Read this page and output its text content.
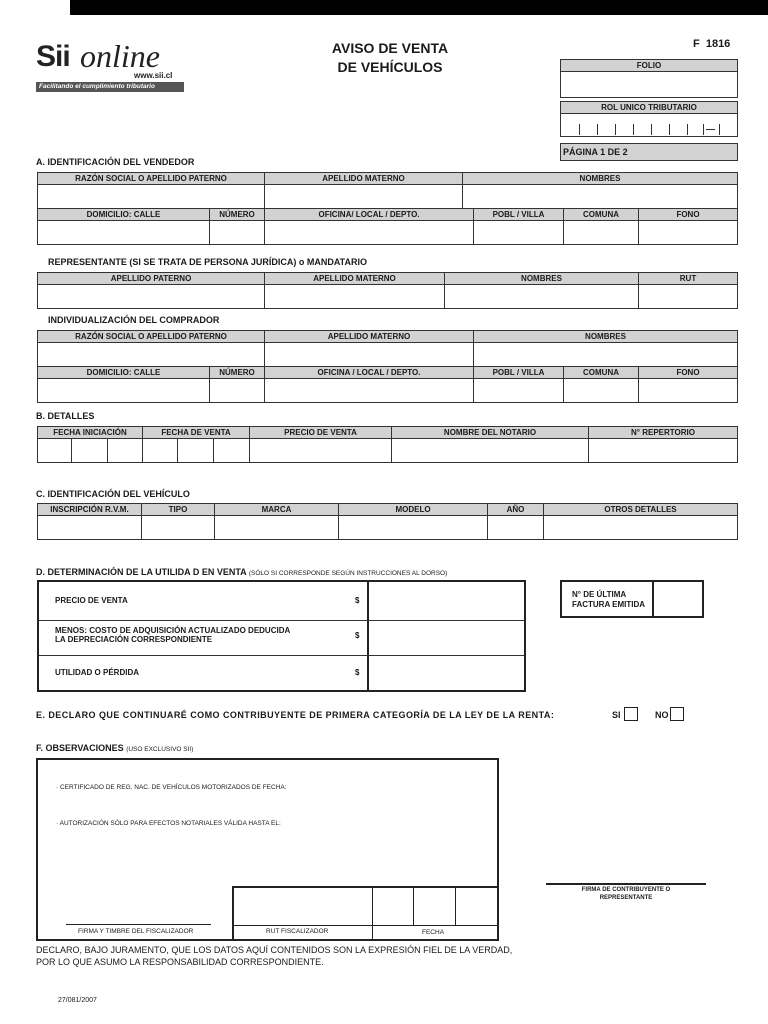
Sii online
www.sii.cl
Facilitando el cumplimiento tributario
AVISO DE VENTA
DE VEHÍCULOS
F  1816
FOLIO
ROL UNICO TRIBUTARIO
PÁGINA 1 DE 2
A. IDENTIFICACIÓN DEL VENDEDOR
RAZÓN SOCIAL O APELLIDO PATERNO	APELLIDO MATERNO	NOMBRES
DOMICILIO: CALLE	NÚMERO	OFICINA/ LOCAL / DEPTO.	POBL / VILLA	COMUNA	FONO
REPRESENTANTE (SI SE TRATA DE PERSONA JURÍDICA) o MANDATARIO
APELLIDO PATERNO	APELLIDO MATERNO	NOMBRES	RUT
INDIVIDUALIZACIÓN DEL COMPRADOR
RAZÓN SOCIAL O APELLIDO PATERNO	APELLIDO MATERNO	NOMBRES
DOMICILIO: CALLE	NÚMERO	OFICINA / LOCAL / DEPTO.	POBL / VILLA	COMUNA	FONO
B. DETALLES
FECHA INICIACIÓN	FECHA DE VENTA	PRECIO DE VENTA	NOMBRE DEL NOTARIO	N° REPERTORIO
C. IDENTIFICACIÓN DEL VEHÍCULO
INSCRIPCIÓN R.V.M.	TIPO	MARCA	MODELO	AÑO	OTROS DETALLES
D. DETERMINACIÓN DE LA UTILIDA D EN VENTA (SÓLO SI CORRESPONDE SEGÚN INSTRUCCIONES AL DORSO)
PRECIO DE VENTA	$
MENOS: COSTO DE ADQUISICIÓN ACTUALIZADO DEDUCIDA
LA DEPRECIACIÓN CORRESPONDIENTE	$
UTILIDAD O PÉRDIDA	$
N° DE ÚLTIMA
FACTURA EMITIDA
E. DECLARO QUE CONTINUARÉ COMO CONTRIBUYENTE DE PRIMERA CATEGORÍA DE LA LEY DE LA RENTA:	SI	NO
F. OBSERVACIONES (USO EXCLUSIVO SII)
· CERTIFICADO DE REG. NAC. DE VEHÍCULOS MOTORIZADOS DE FECHA:
· AUTORIZACIÓN SÓLO PARA EFECTOS NOTARIALES VÁLIDA HASTA EL:
FIRMA Y TIMBRE DEL FISCALIZADOR	RUT FISCALIZADOR	FECHA
FIRMA DE CONTRIBUYENTE O
REPRESENTANTE
DECLARO, BAJO JURAMENTO, QUE LOS DATOS AQUÍ CONTENIDOS SON LA EXPRESIÓN FIEL DE LA VERDAD,
POR LO QUE ASUMO LA RESPONSABILIDAD CORRESPONDIENTE.
27/081/2007
